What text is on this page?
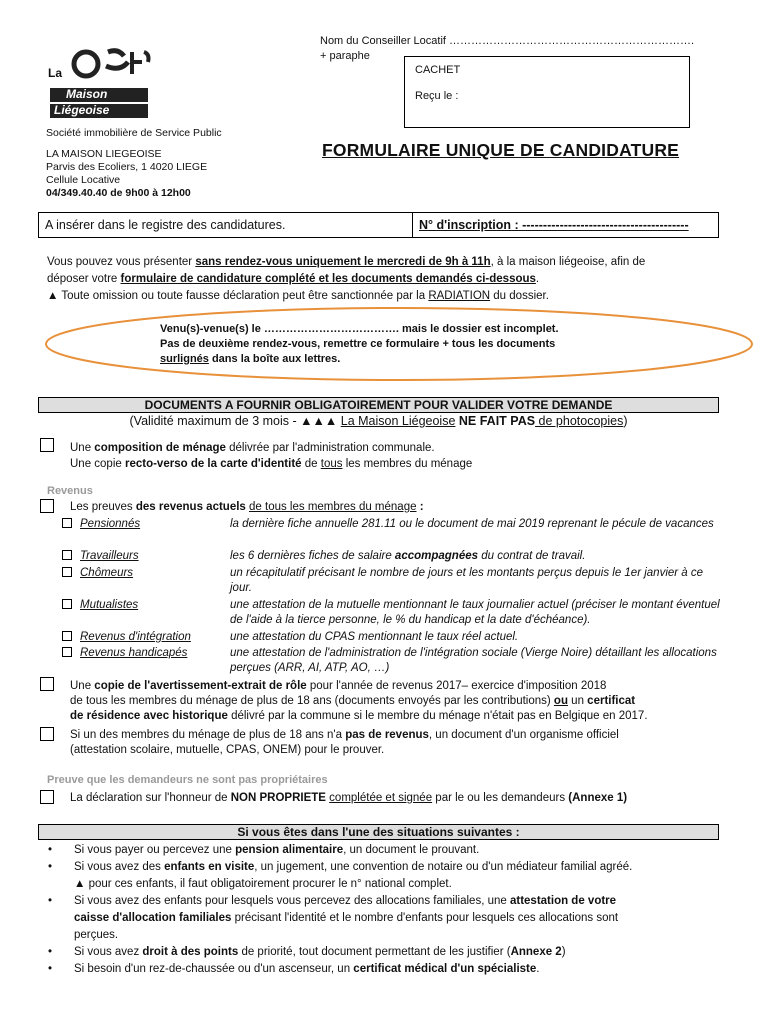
La
Maison
Liégeoise
Société immobilière de Service Public
LA MAISON LIEGEOISE
Parvis des Ecoliers, 1 4020 LIEGE
Cellule Locative
04/349.40.40 de 9h00 à 12h00
Nom du Conseiller Locatif ………………………………………………………….
+ paraphe
CACHET
Reçu le :
FORMULAIRE UNIQUE DE CANDIDATURE
A insérer dans le registre des candidatures.	N° d'inscription : ----------------------------------------
Vous pouvez vous présenter sans rendez-vous uniquement le mercredi de 9h à 11h, à la maison liégeoise, afin de
déposer votre formulaire de candidature complété et les documents demandés ci-dessous.
▲ Toute omission ou toute fausse déclaration peut être sanctionnée par la RADIATION du dossier.
Venu(s)-venue(s) le ………………………………. mais le dossier est incomplet.
Pas de deuxième rendez-vous, remettre ce formulaire + tous les documents
surlignés dans la boîte aux lettres.
DOCUMENTS A FOURNIR OBLIGATOIREMENT POUR VALIDER VOTRE DEMANDE
(Validité maximum de 3 mois - ▲▲▲ La Maison Liégeoise NE FAIT PAS de photocopies)
Une composition de ménage délivrée par l'administration communale.
Une copie recto-verso de la carte d'identité de tous les membres du ménage
Revenus
Les preuves des revenus actuels de tous les membres du ménage :
Pensionnés	la dernière fiche annuelle 281.11 ou le document de mai 2019 reprenant le pécule de vacances
Travailleurs	les 6 dernières fiches de salaire accompagnées du contrat de travail.
Chômeurs	un récapitulatif précisant le nombre de jours et les montants perçus depuis le 1er janvier à ce jour.
Mutualistes	une attestation de la mutuelle mentionnant le taux journalier actuel (préciser le montant éventuel de l'aide à la tierce personne, le % du handicap et la date d'échéance).
Revenus d'intégration	une attestation du CPAS mentionnant le taux réel actuel.
Revenus handicapés	une attestation de l'administration de l'intégration sociale (Vierge Noire) détaillant les allocations perçues (ARR, AI, ATP, AO, …)
Une copie de l'avertissement-extrait de rôle pour l'année de revenus 2017– exercice d'imposition 2018
de tous les membres du ménage de plus de 18 ans (documents envoyés par les contributions) ou un certificat
de résidence avec historique délivré par la commune si le membre du ménage n'était pas en Belgique en 2017.
Si un des membres du ménage de plus de 18 ans n'a pas de revenus, un document d'un organisme officiel
(attestation scolaire, mutuelle, CPAS, ONEM) pour le prouver.
Preuve que les demandeurs ne sont pas propriétaires
La déclaration sur l'honneur de NON PROPRIETE complétée et signée par le ou les demandeurs (Annexe 1)
Si vous êtes dans l'une des situations suivantes :
• Si vous payer ou percevez une pension alimentaire, un document le prouvant.
• Si vous avez des enfants en visite, un jugement, une convention de notaire ou d'un médiateur familial agréé.
▲ pour ces enfants, il faut obligatoirement procurer le n° national complet.
• Si vous avez des enfants pour lesquels vous percevez des allocations familiales, une attestation de votre
caisse d'allocation familiales précisant l'identité et le nombre d'enfants pour lesquels ces allocations sont
perçues.
• Si vous avez droit à des points de priorité, tout document permettant de les justifier (Annexe 2)
• Si besoin d'un rez-de-chaussée ou d'un ascenseur, un certificat médical d'un spécialiste.
